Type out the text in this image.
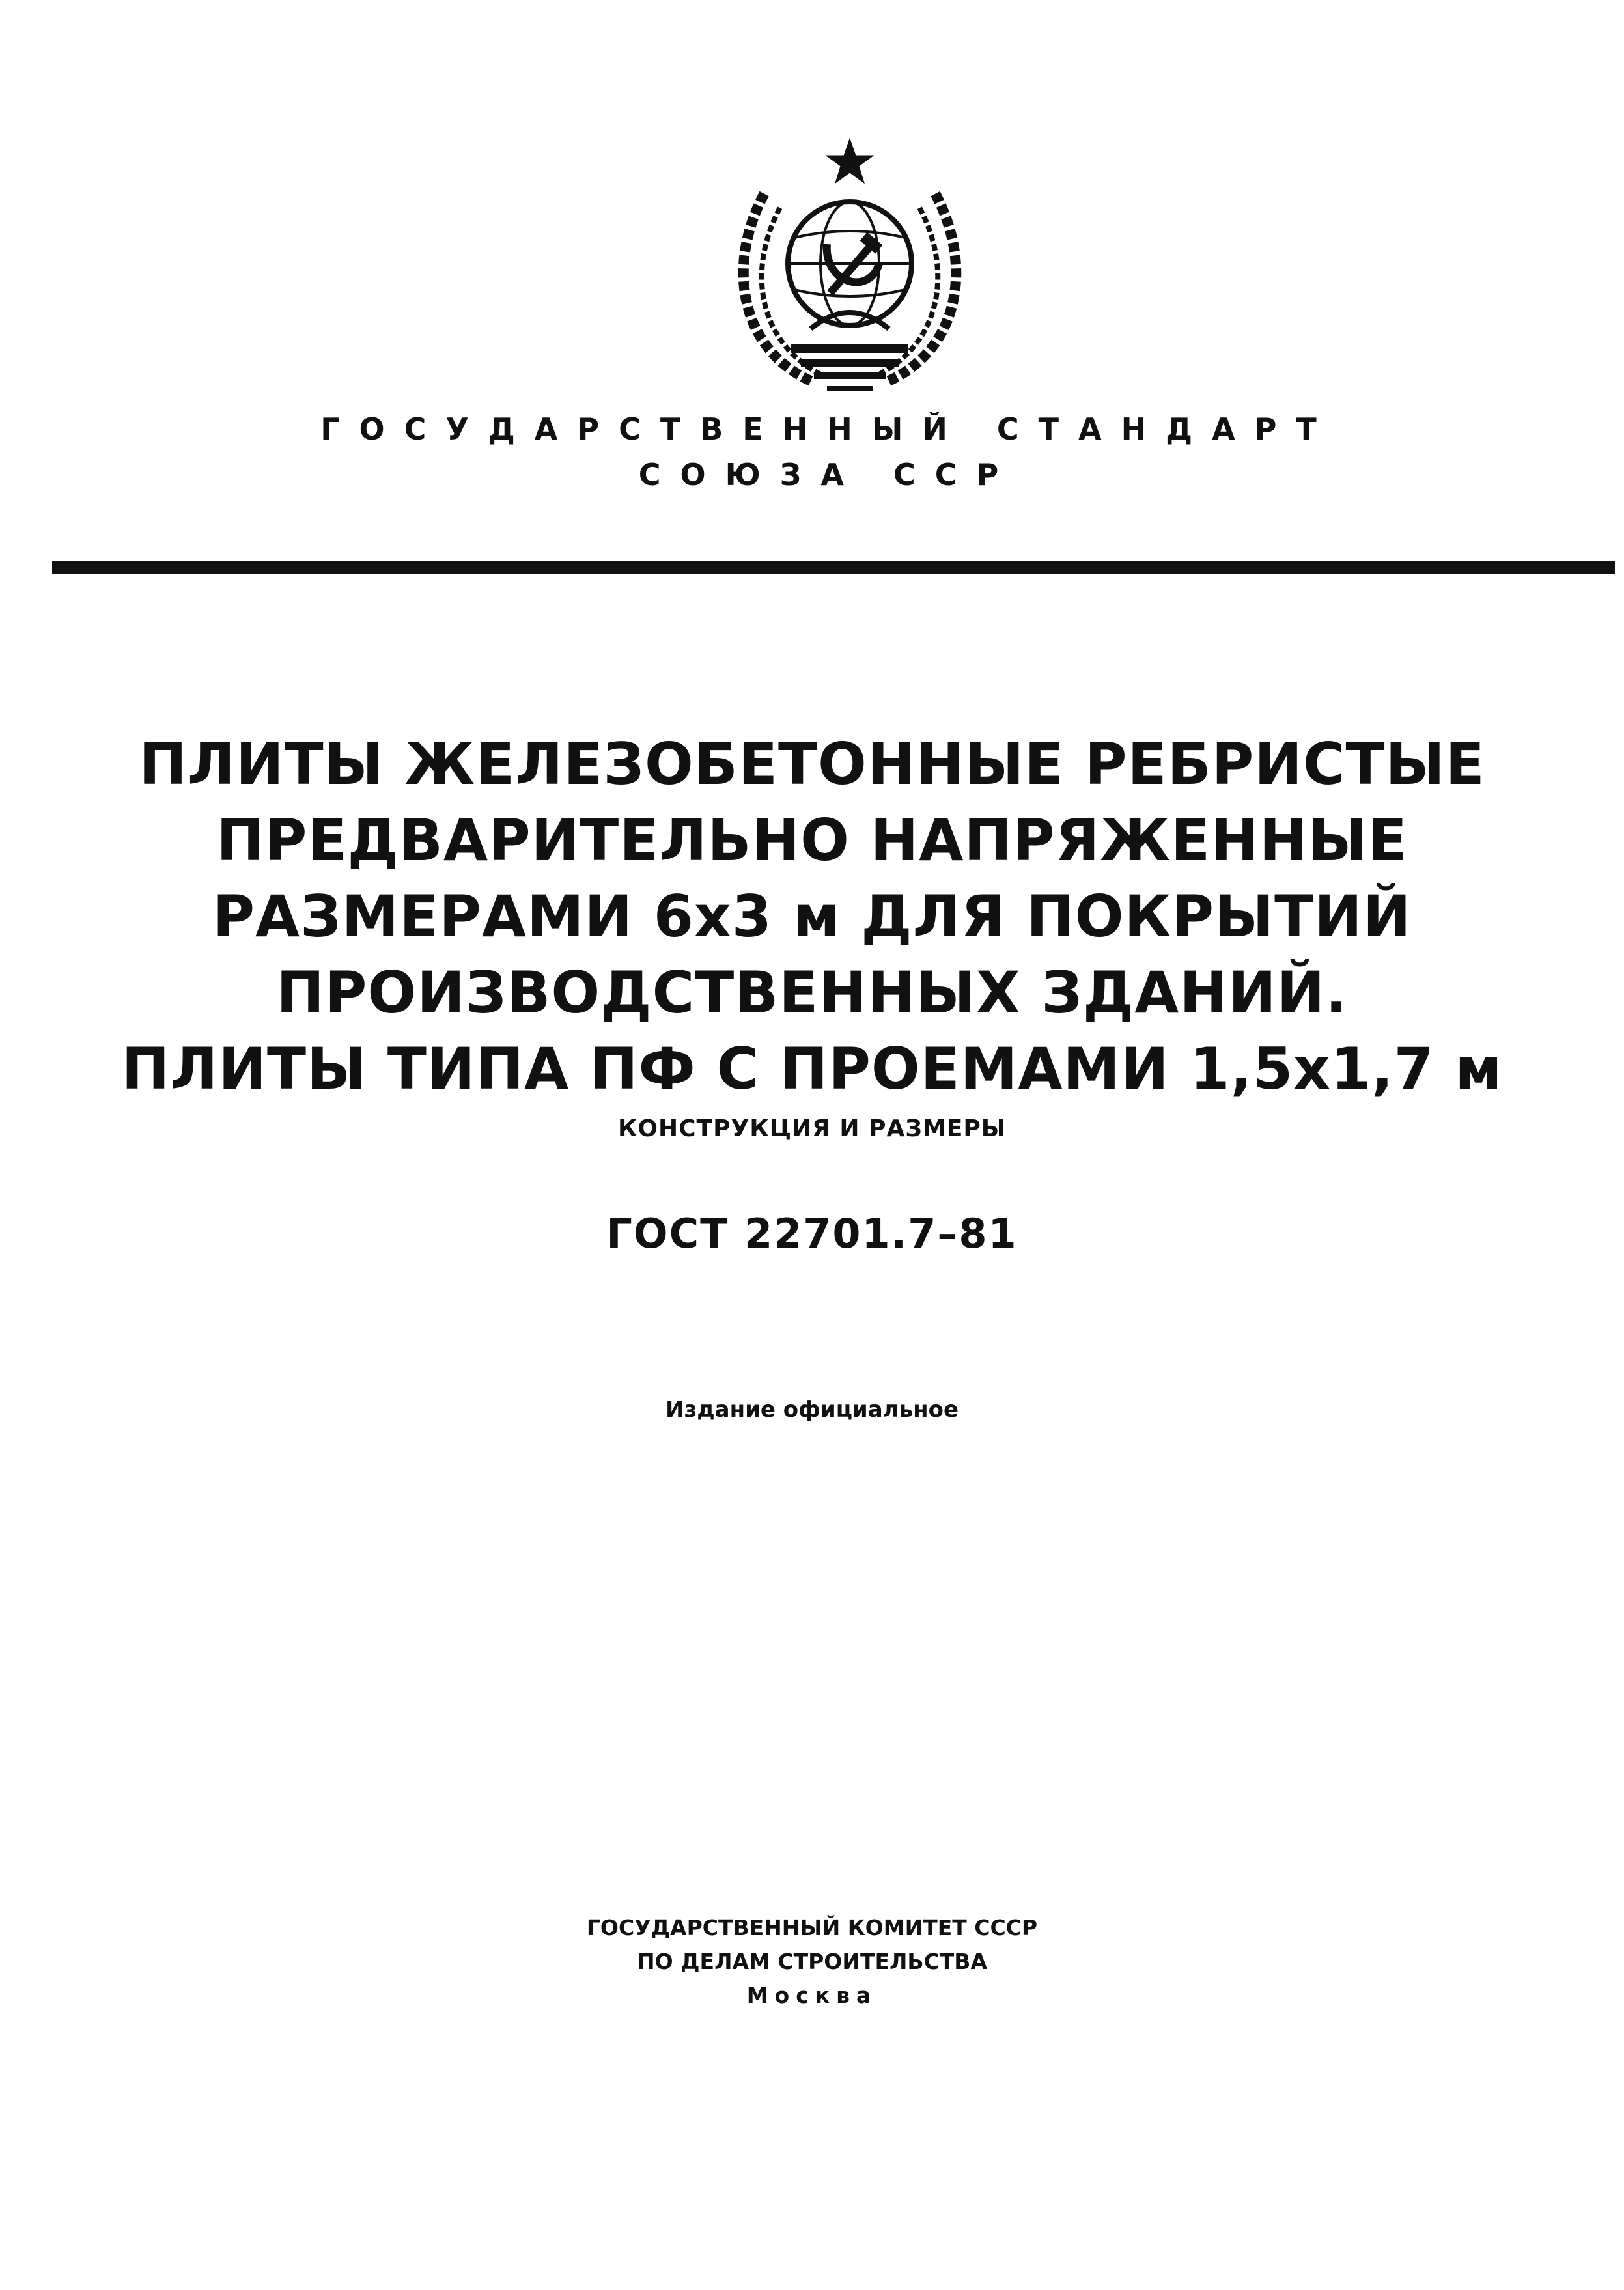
ГОСУДАРСТВЕННЫЙ СТАНДАРТ
СОЮЗА ССР
ПЛИТЫ ЖЕЛЕЗОБЕТОННЫЕ РЕБРИСТЫЕ
ПРЕДВАРИТЕЛЬНО НАПРЯЖЕННЫЕ
РАЗМЕРАМИ 6х3 м ДЛЯ ПОКРЫТИЙ
ПРОИЗВОДСТВЕННЫХ ЗДАНИЙ.
ПЛИТЫ ТИПА ПФ С ПРОЕМАМИ 1,5х1,7 м
КОНСТРУКЦИЯ И РАЗМЕРЫ
ГОСТ 22701.7–81
Издание официальное
ГОСУДАРСТВЕННЫЙ КОМИТЕТ СССР
ПО ДЕЛАМ СТРОИТЕЛЬСТВА
Москва
